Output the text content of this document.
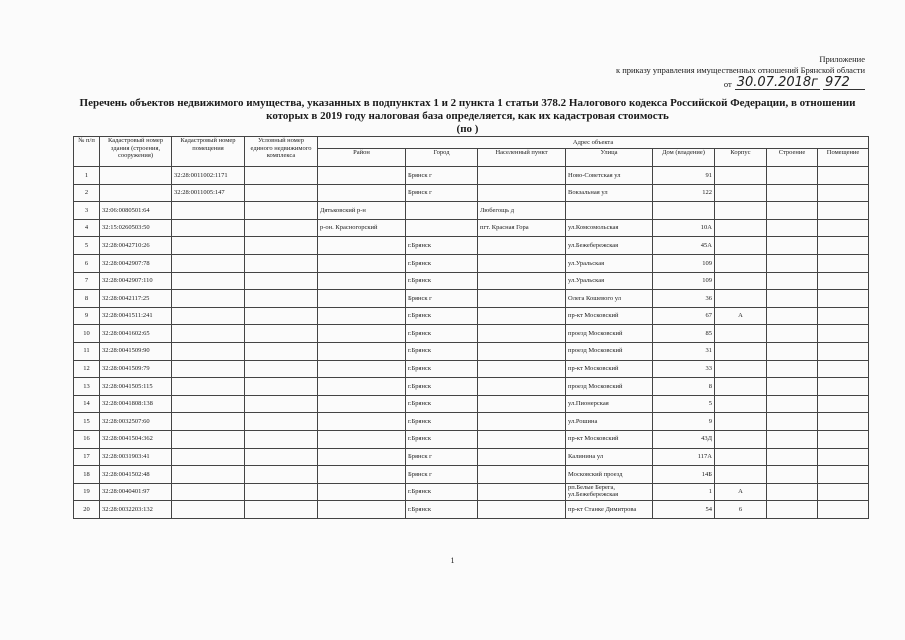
Приложение
к приказу управления имущественных отношений Брянской области
от 30.07.2018г 972
Перечень объектов недвижимого имущества, указанных в подпунктах 1 и 2 пункта 1 статьи 378.2 Налогового кодекса Российской Федерации, в отношении
которых в 2019 году налоговая база определяется, как их кадастровая стоимость
(по )
№ п/п	Кадастровый номер здания (строения, сооружения)	Кадастровый номер помещения	Условный номер единого недвижимого комплекса	Адрес объекта							
				Район	Город	Населенный пункт	Улица	Дом (владение)	Корпус	Строение	Помещение
1		32:28:0011002:1171			Брянск г		Ново-Советская ул	91			
2		32:28:0011005:147			Брянск г		Вокзальная ул	122			
3	32:06:0080501:64			Дятьковский р-н		Любегощь д					
4	32:15:0260503:50			р-он. Красногорский		пгт. Красная Гора	ул.Комсомольская	10А			
5	32:28:0042710:26				г.Брянск		ул.Бежебережская	45А			
6	32:28:0042907:78				г.Брянск		ул.Уральская	109			
7	32:28:0042907:110				г.Брянск		ул.Уральская	109			
8	32:28:0042117:25				Брянск г		Олега Кошевого ул	36			
9	32:28:0041511:241				г.Брянск		пр-кт Московский	67	А		
10	32:28:0041602:65				г.Брянск		проезд Московский	85			
11	32:28:0041509:90				г.Брянск		проезд Московский	31			
12	32:28:0041509:79				г.Брянск		пр-кт Московский	33			
13	32:28:0041505:115				г.Брянск		проезд Московский	8			
14	32:28:0041808:138				г.Брянск		ул.Пионерская	5			
15	32:28:0032507:60				г.Брянск		ул.Рошина	9			
16	32:28:0041504:362				г.Брянск		пр-кт Московский	43Д			
17	32:28:0031903:41				Брянск г		Калинина ул	117А			
18	32:28:0041502:48				Брянск г		Московский проезд	14Б			
19	32:28:0040401:97				г.Брянск		рп.Белые Берега, ул.Бежебережская	1	А		
20	32:28:0032203:132				г.Брянск		пр-кт Станке Димитрова	54	6		
1
